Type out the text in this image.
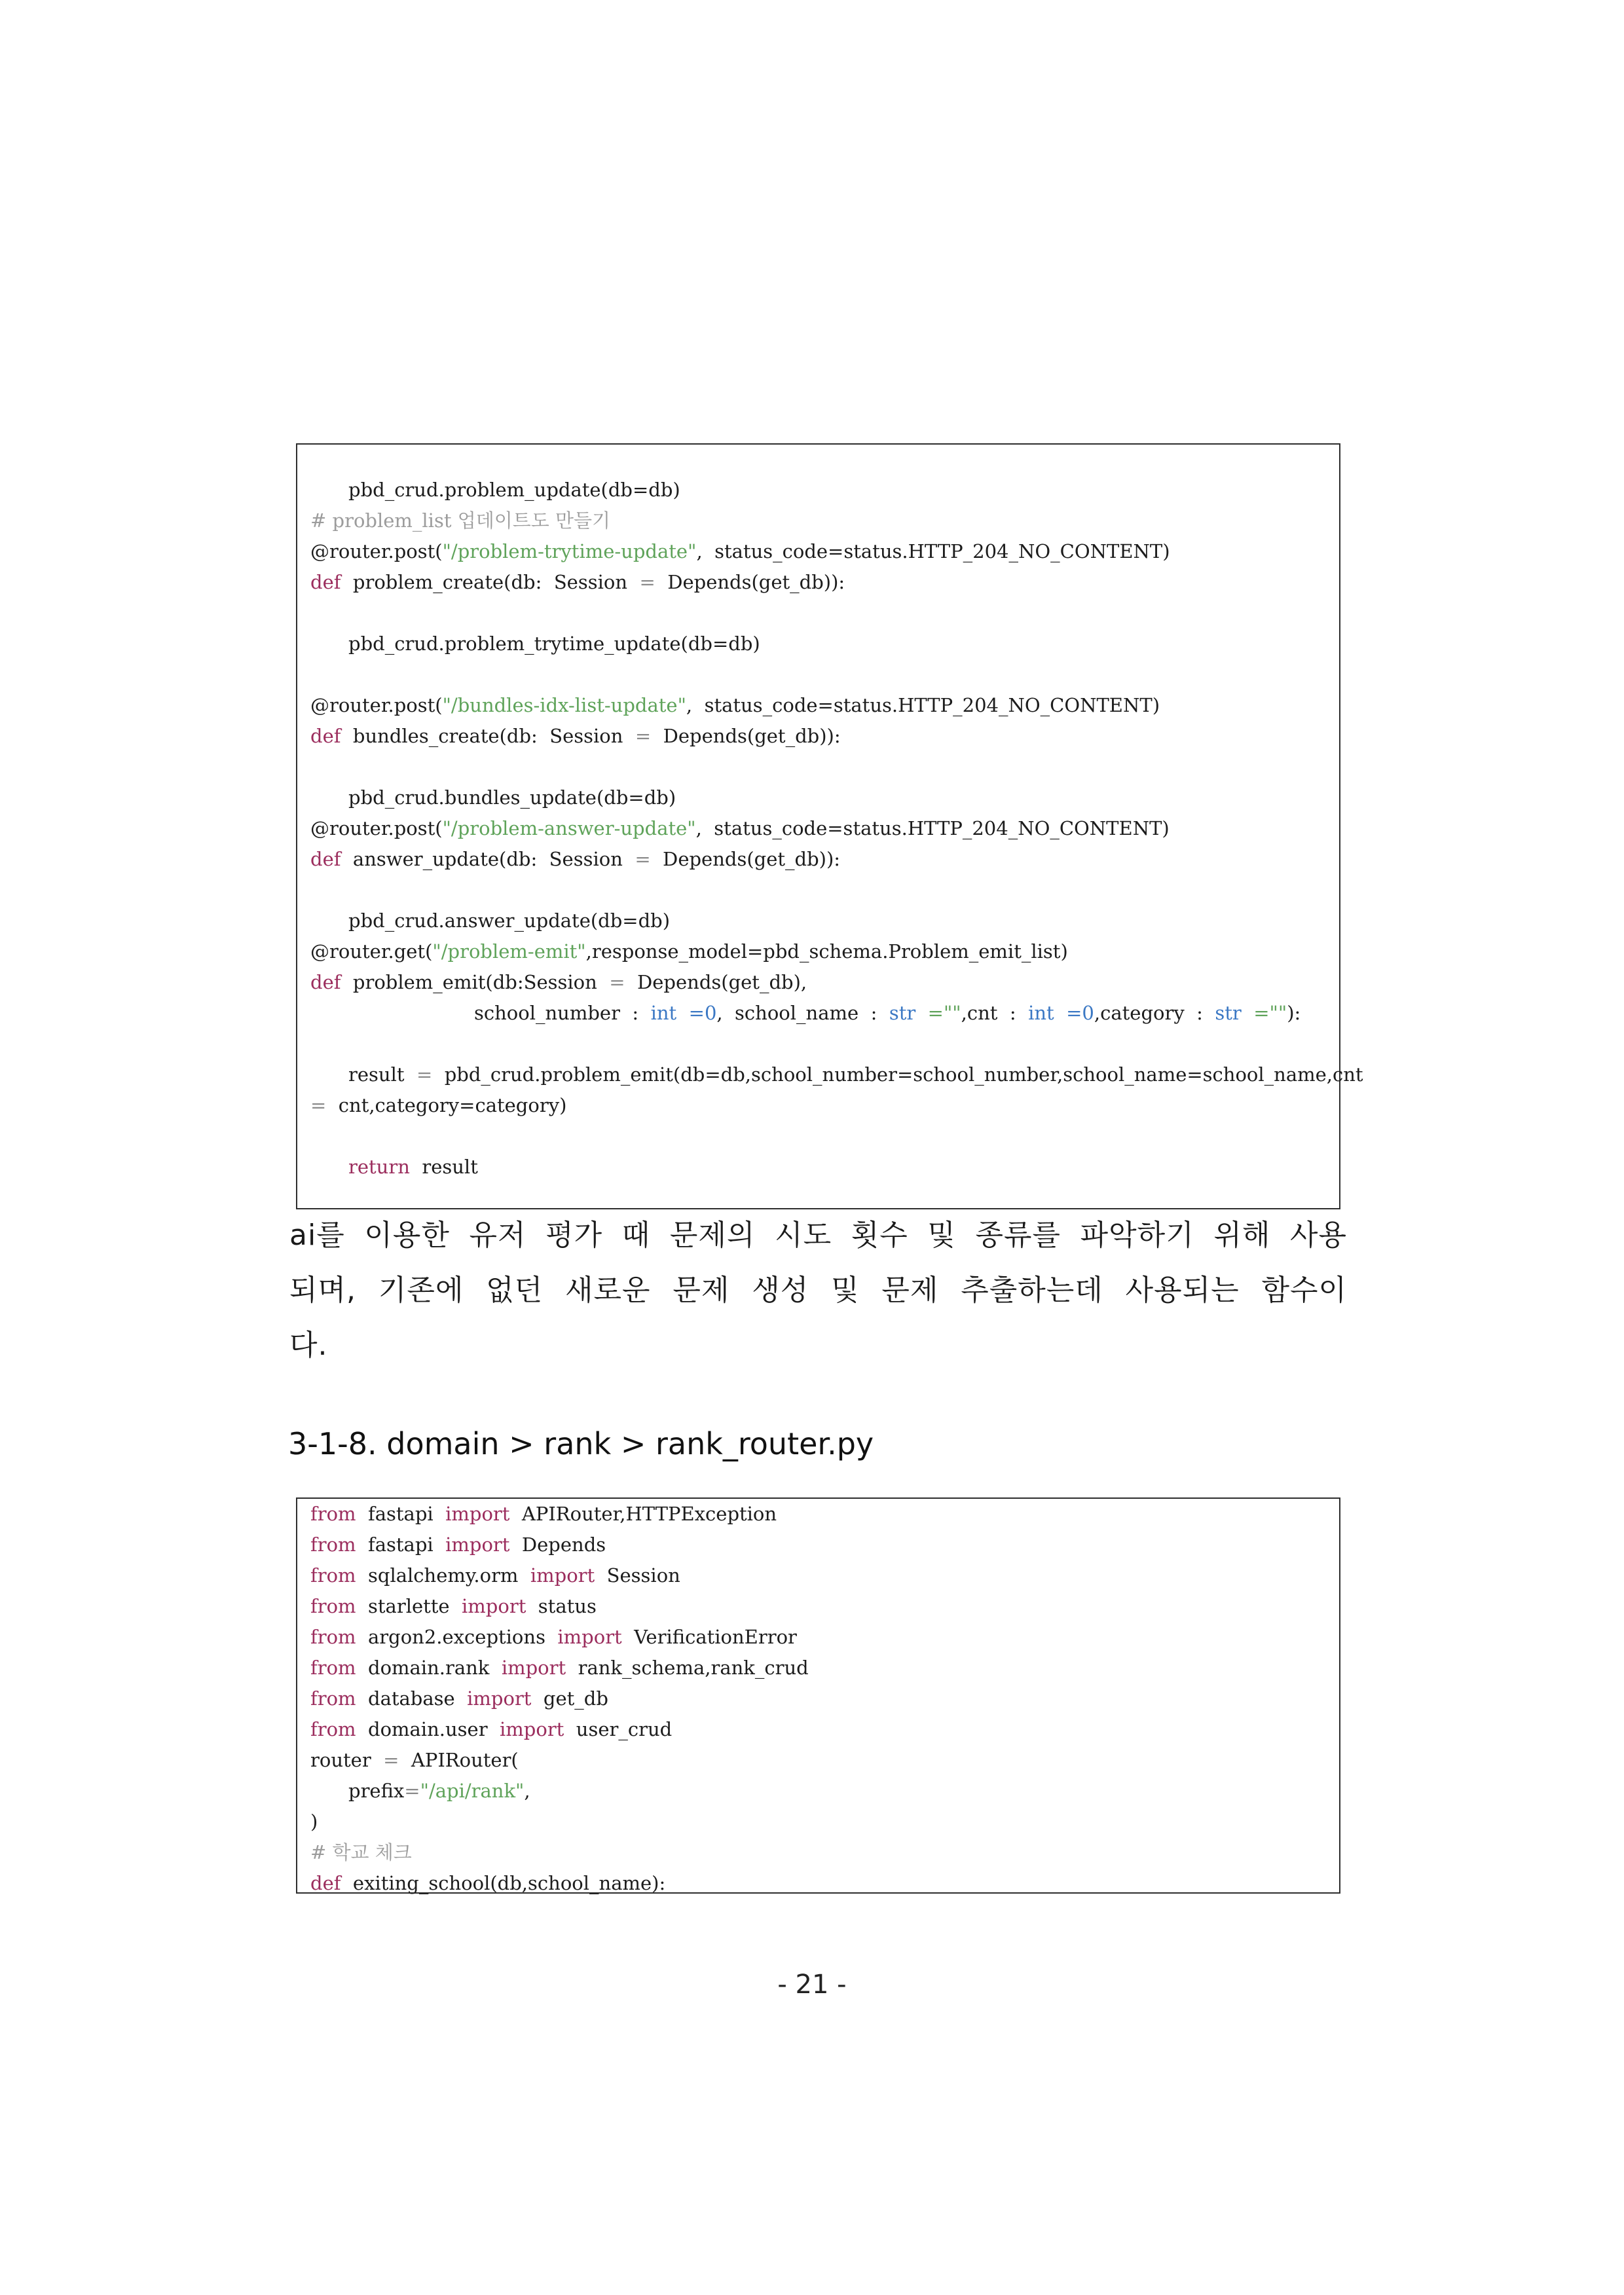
pbd_crud.problem_update(db=db)
# problem_list 업데이트도 만들기
@router.post("/problem-trytime-update",  status_code=status.HTTP_204_NO_CONTENT)
def  problem_create(db:  Session  =  Depends(get_db)):
pbd_crud.problem_trytime_update(db=db)
@router.post("/bundles-idx-list-update",  status_code=status.HTTP_204_NO_CONTENT)
def  bundles_create(db:  Session  =  Depends(get_db)):
pbd_crud.bundles_update(db=db)
@router.post("/problem-answer-update",  status_code=status.HTTP_204_NO_CONTENT)
def  answer_update(db:  Session  =  Depends(get_db)):
pbd_crud.answer_update(db=db)
@router.get("/problem-emit",response_model=pbd_schema.Problem_emit_list)
def  problem_emit(db:Session  =  Depends(get_db),
school_number  :  int =0,  school_name  :  str ="",cnt  :  int =0,category  :  str =""):
result  =  pbd_crud.problem_emit(db=db,school_number=school_number,school_name=school_name,cnt
=  cnt,category=category)
return  result
ai를 이용한 유저 평가 때 문제의 시도 횟수 및 종류를 파악하기 위해 사용되며, 기존에 없던 새로운 문제 생성 및 문제 추출하는데 사용되는 함수이다.
3-1-8. domain > rank > rank_router.py
from  fastapi  import  APIRouter,HTTPException
from  fastapi  import  Depends
from  sqlalchemy.orm  import  Session
from  starlette  import  status
from  argon2.exceptions  import  VerificationError
from  domain.rank  import  rank_schema,rank_crud
from  database  import  get_db
from  domain.user  import  user_crud
router  =  APIRouter(
prefix="/api/rank",
)
# 학교 체크
def  exiting_school(db,school_name):
- 21 -
